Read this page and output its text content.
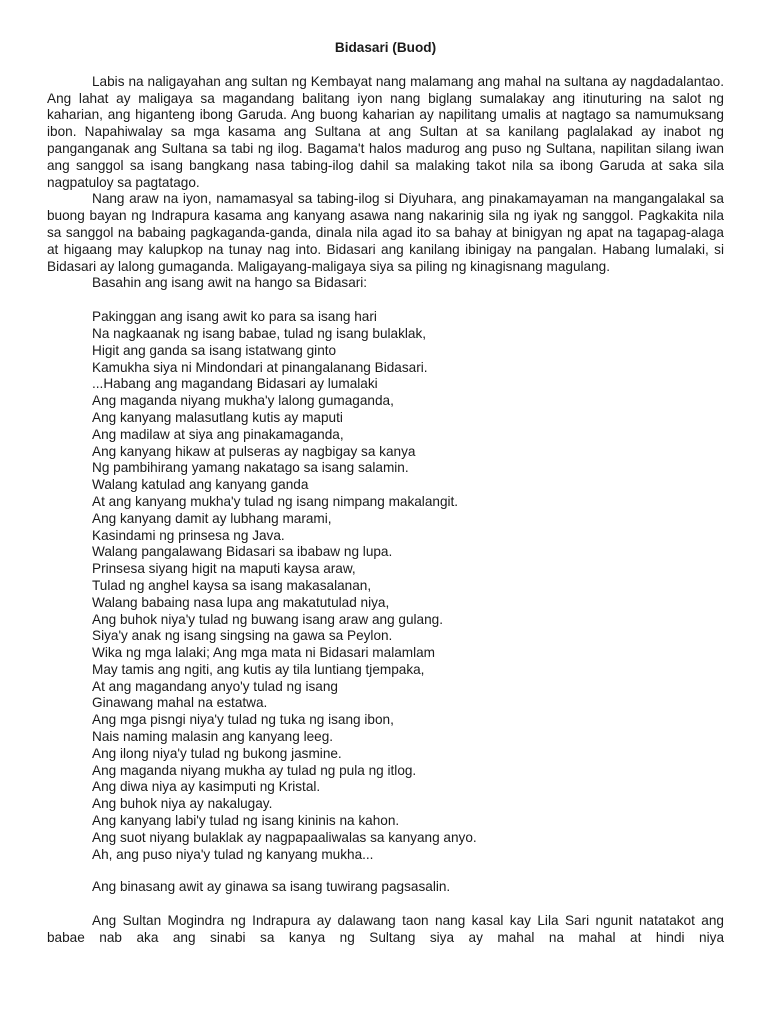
Bidasari (Buod)

Labis na naligayahan ang sultan ng Kembayat nang malamang ang mahal na sultana ay nagdadalantao. Ang lahat ay maligaya sa magandang balitang iyon nang biglang sumalakay ang itinuturing na salot ng kaharian, ang higanteng ibong Garuda. Ang buong kaharian ay napilitang umalis at nagtago sa namumuksang ibon. Napahiwalay sa mga kasama ang Sultana at ang Sultan at sa kanilang paglalakad ay inabot ng panganganak ang Sultana sa tabi ng ilog. Bagama't halos madurog ang puso ng Sultana, napilitan silang iwan ang sanggol sa isang bangkang nasa tabing-ilog dahil sa malaking takot nila sa ibong Garuda at saka sila nagpatuloy sa pagtatago.

Nang araw na iyon, namamasyal sa tabing-ilog si Diyuhara, ang pinakamayaman na mangangalakal sa buong bayan ng Indrapura kasama ang kanyang asawa nang nakarinig sila ng iyak ng sanggol. Pagkakita nila sa sanggol na babaing pagkaganda-ganda, dinala nila agad ito sa bahay at binigyan ng apat na tagapag-alaga at higaang may kalupkop na tunay nag into. Bidasari ang kanilang ibinigay na pangalan. Habang lumalaki, si Bidasari ay lalong gumaganda. Maligayang-maligaya siya sa piling ng kinagisnang magulang.

Basahin ang isang awit na hango sa Bidasari:

Pakinggan ang isang awit ko para sa isang hari
Na nagkaanak ng isang babae, tulad ng isang bulaklak,
Higit ang ganda sa isang istatwang ginto
Kamukha siya ni Mindondari at pinangalanang Bidasari.
...Habang ang magandang Bidasari ay lumalaki
Ang maganda niyang mukha'y lalong gumaganda,
Ang kanyang malasutlang kutis ay maputi
Ang madilaw at siya ang pinakamaganda,
Ang kanyang hikaw at pulseras ay nagbigay sa kanya
Ng pambihirang yamang nakatago sa isang salamin.
Walang katulad ang kanyang ganda
At ang kanyang mukha'y tulad ng isang nimpang makalangit.
Ang kanyang damit ay lubhang marami,
Kasindami ng prinsesa ng Java.
Walang pangalawang Bidasari sa ibabaw ng lupa.
Prinsesa siyang higit na maputi kaysa araw,
Tulad ng anghel kaysa sa isang makasalanan,
Walang babaing nasa lupa ang makatutulad niya,
Ang buhok niya'y tulad ng buwang isang araw ang gulang.
Siya'y anak ng isang singsing na gawa sa Peylon.
Wika ng mga lalaki; Ang mga mata ni Bidasari malamlam
May tamis ang ngiti, ang kutis ay tila luntiang tjempaka,
At ang magandang anyo'y tulad ng isang
Ginawang mahal na estatwa.
Ang mga pisngi niya'y tulad ng tuka ng isang ibon,
Nais naming malasin ang kanyang leeg.
Ang ilong niya'y tulad ng bukong jasmine.
Ang maganda niyang mukha ay tulad ng pula ng itlog.
Ang diwa niya ay kasimputi ng Kristal.
Ang buhok niya ay nakalugay.
Ang kanyang labi'y tulad ng isang kininis na kahon.
Ang suot niyang bulaklak ay nagpapaaliwalas sa kanyang anyo.
Ah, ang puso niya'y tulad ng kanyang mukha...

Ang binasang awit ay ginawa sa isang tuwirang pagsasalin.

Ang Sultan Mogindra ng Indrapura ay dalawang taon nang kasal kay Lila Sari ngunit natatakot ang babae nab aka ang sinabi sa kanya ng Sultang siya ay mahal na mahal at hindi niya
